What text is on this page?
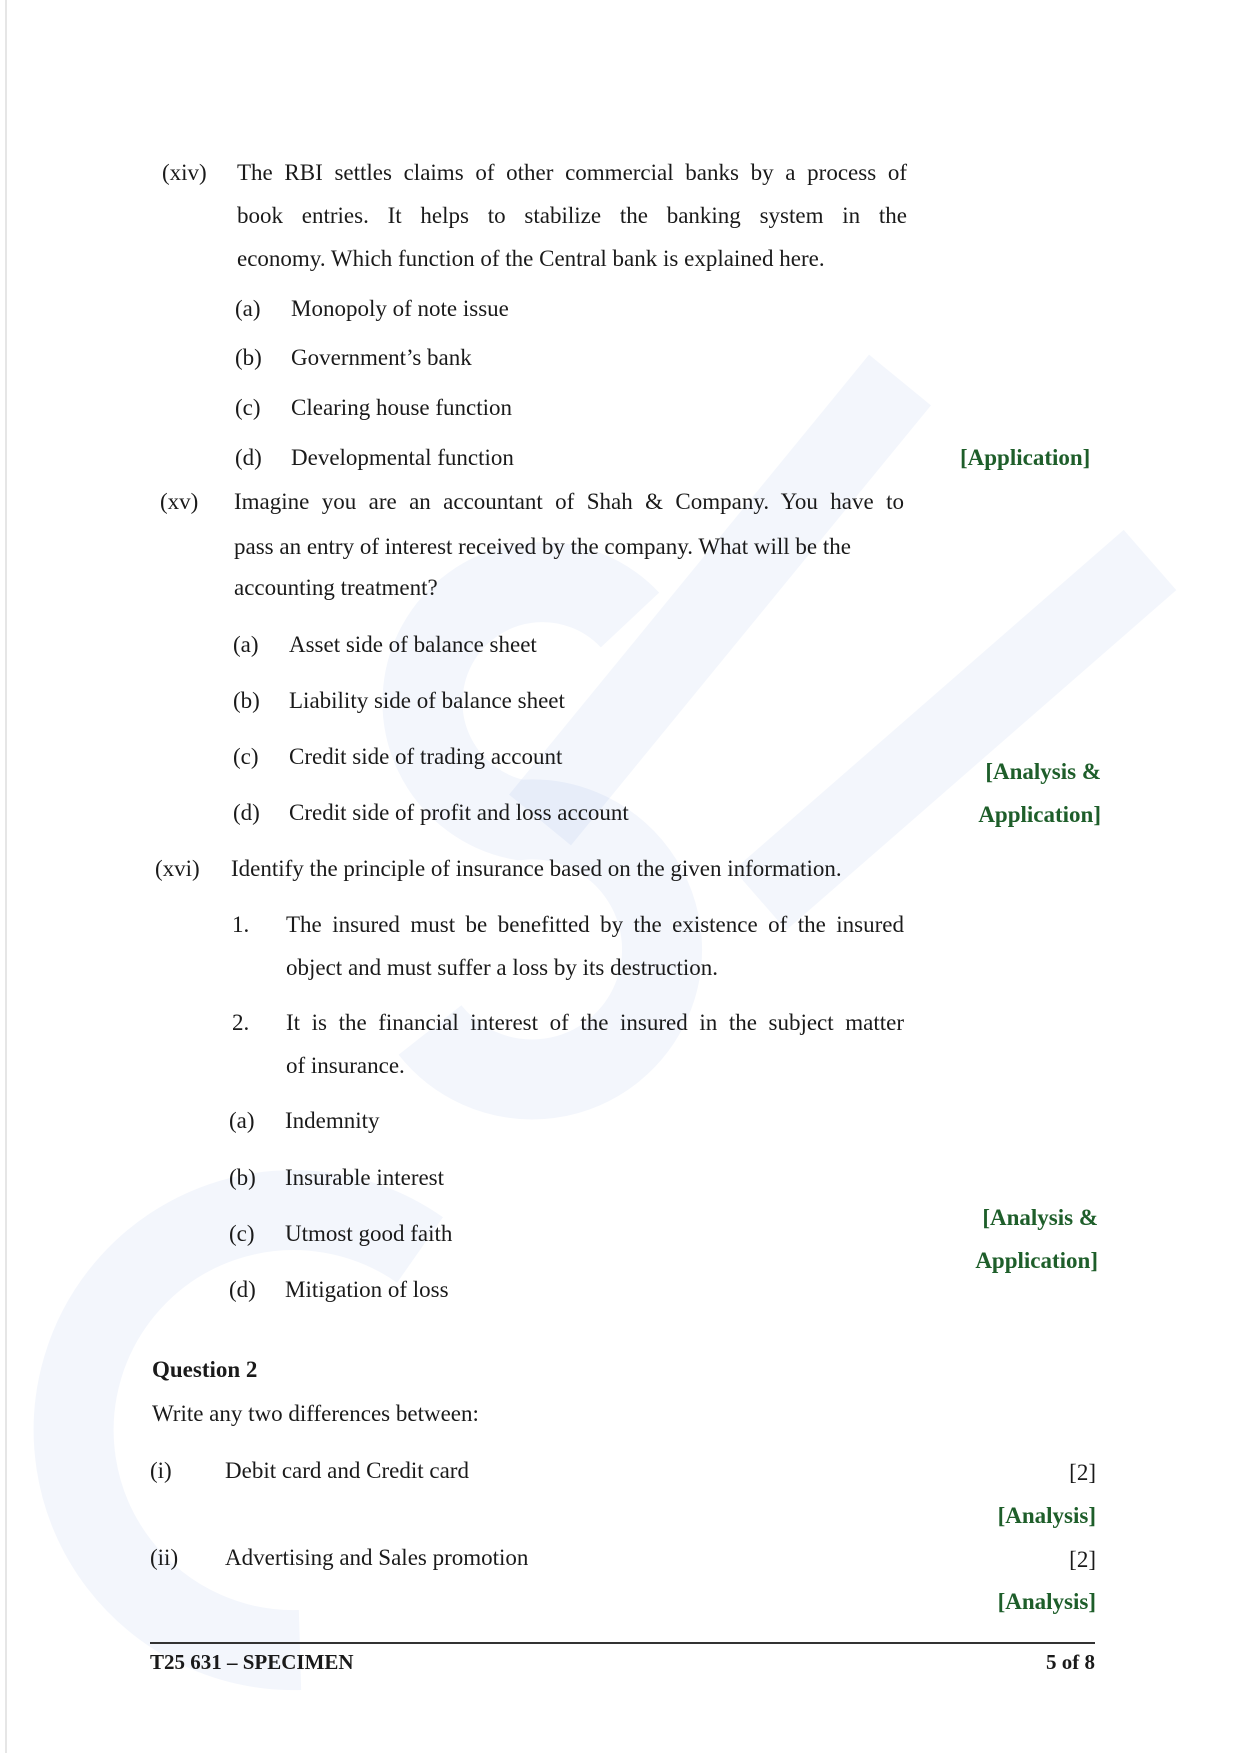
(xiv) The RBI settles claims of other commercial banks by a process of
book entries. It helps to stabilize the banking system in the
economy. Which function of the Central bank is explained here.
(a) Monopoly of note issue
(b) Government’s bank
(c) Clearing house function
(d) Developmental function	[Application]
(xv) Imagine you are an accountant of Shah & Company. You have to
pass an entry of interest received by the company. What will be the
accounting treatment?
(a) Asset side of balance sheet
(b) Liability side of balance sheet
(c) Credit side of trading account
(d) Credit side of profit and loss account
[Analysis &
Application]
(xvi) Identify the principle of insurance based on the given information.
1. The insured must be benefitted by the existence of the insured
object and must suffer a loss by its destruction.
2. It is the financial interest of the insured in the subject matter
of insurance.
(a) Indemnity
(b) Insurable interest
(c) Utmost good faith
(d) Mitigation of loss
[Analysis &
Application]
Question 2
Write any two differences between:
(i) Debit card and Credit card	[2]
[Analysis]
(ii) Advertising and Sales promotion	[2]
[Analysis]
T25 631 – SPECIMEN	5 of 8
